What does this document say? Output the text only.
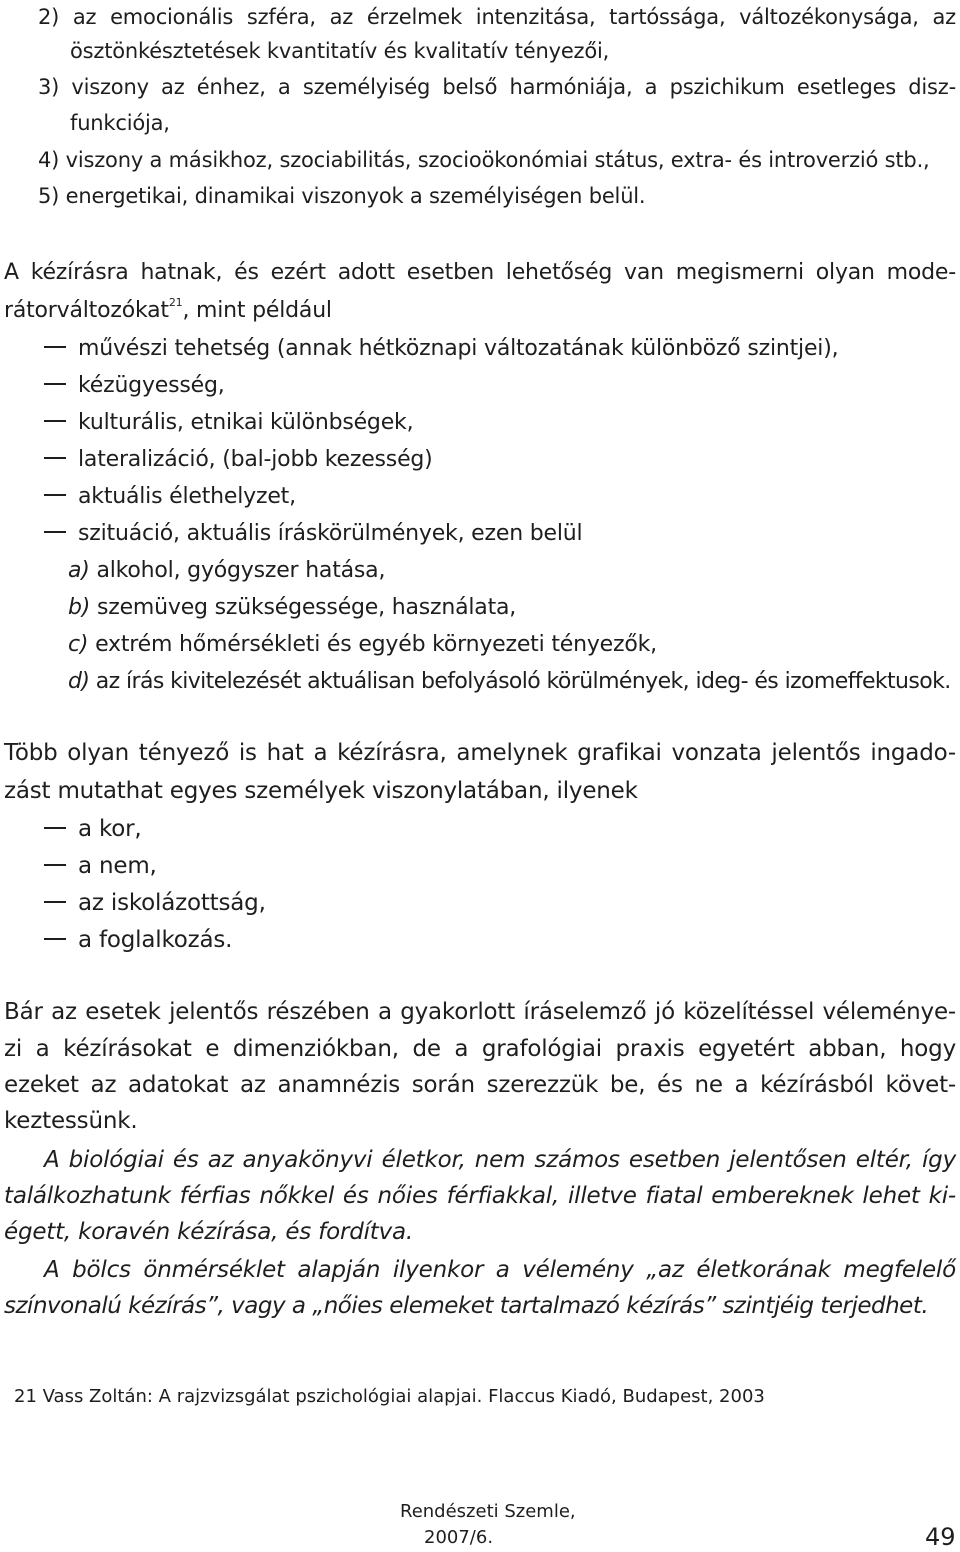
2) az emocionális szféra, az érzelmek intenzitása, tartóssága, változékonysága, az
ösztönkésztetések kvantitatív és kvalitatív tényezői,
3) viszony az énhez, a személyiség belső harmóniája, a pszichikum esetleges disz-
funkciója,
4) viszony a másikhoz, szociabilitás, szocioökonómiai státus, extra- és introverzió stb.,
5) energetikai, dinamikai viszonyok a személyiségen belül.
A kézírásra hatnak, és ezért adott esetben lehetőség van megismerni olyan mode-
rátorváltozókat$^{21}$, mint például
művészi tehetség (annak hétköznapi változatának különböző szintjei),
kézügyesség,
kulturális, etnikai különbségek,
lateralizáció, (bal-jobb kezesség)
aktuális élethelyzet,
szituáció, aktuális íráskörülmények, ezen belül
a) alkohol, gyógyszer hatása,
b) szemüveg szükségessége, használata,
c) extrém hőmérsékleti és egyéb környezeti tényezők,
d) az írás kivitelezését aktuálisan befolyásoló körülmények, ideg- és izomeffektusok.
Több olyan tényező is hat a kézírásra, amelynek grafikai vonzata jelentős ingado-
zást mutathat egyes személyek viszonylatában, ilyenek
a kor,
a nem,
az iskolázottság,
a foglalkozás.
Bár az esetek jelentős részében a gyakorlott íráselemző jó közelítéssel véleménye-
zi a kézírásokat e dimenziókban, de a grafológiai praxis egyetért abban, hogy
ezeket az adatokat az anamnézis során szerezzük be, és ne a kézírásból követ-
keztessünk.
A biológiai és az anyakönyvi életkor, nem számos esetben jelentősen eltér, így
találkozhatunk férfias nőkkel és nőies férfiakkal, illetve fiatal embereknek lehet ki-
égett, koravén kézírása, és fordítva.
A bölcs önmérséklet alapján ilyenkor a vélemény „az életkorának megfelelő
színvonalú kézírás”, vagy a „nőies elemeket tartalmazó kézírás” szintjéig terjedhet.
21 Vass Zoltán: A rajzvizsgálat pszichológiai alapjai. Flaccus Kiadó, Budapest, 2003
Rendészeti Szemle,
2007/6.	49
